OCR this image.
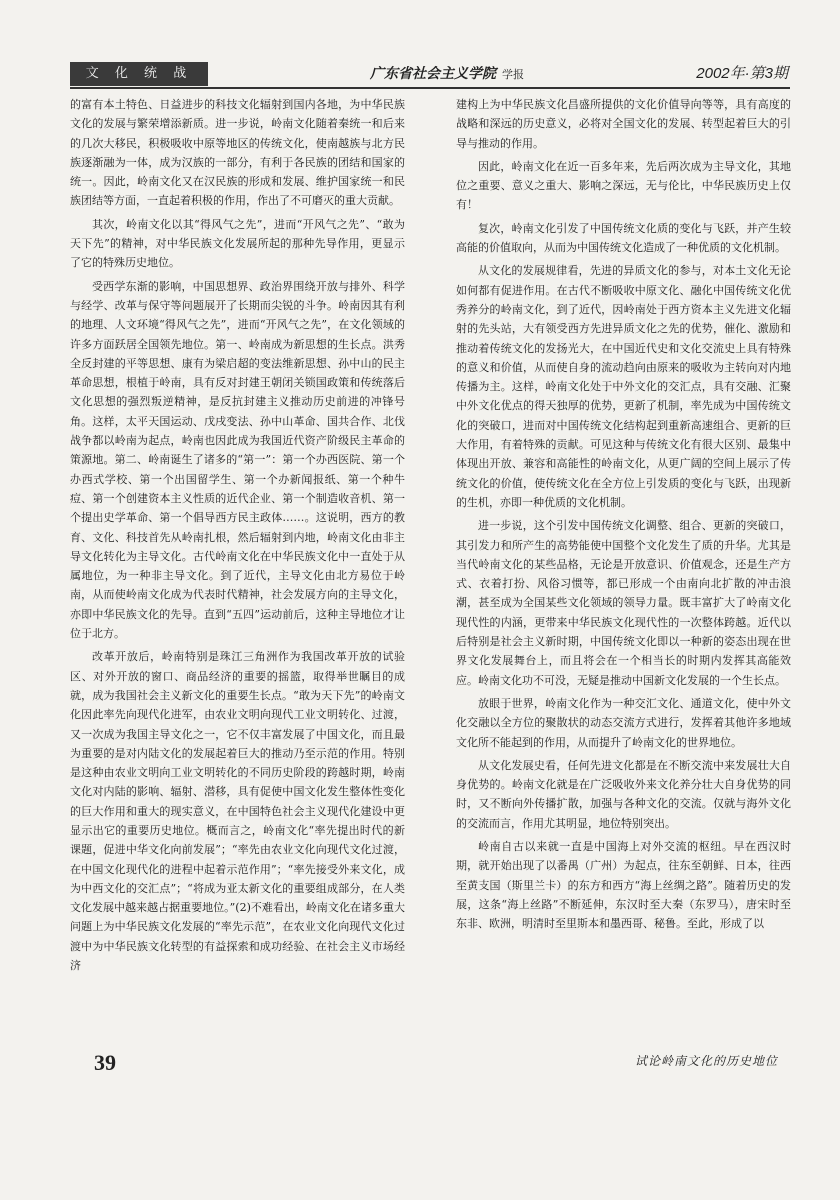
文 化 统 战	广东省社会主义学院 学报	2002年·第3期

的富有本土特色、日益进步的科技文化辐射到国内各地，为中华民族文化的发展与繁荣增添新质。进一步说，岭南文化随着秦统一和后来的几次大移民，积极吸收中原等地区的传统文化，使南越族与北方民族逐渐融为一体，成为汉族的一部分，有利于各民族的团结和国家的统一。因此，岭南文化又在汉民族的形成和发展、维护国家统一和民族团结等方面，一直起着积极的作用，作出了不可磨灭的重大贡献。

其次，岭南文化以其“得风气之先”，进而“开风气之先”、“敢为天下先”的精神，对中华民族文化发展所起的那种先导作用，更显示了它的特殊历史地位。

受西学东渐的影响，中国思想界、政治界围绕开放与排外、科学与经学、改革与保守等问题展开了长期而尖锐的斗争。岭南因其有利的地理、人文环境“得风气之先”，进而“开风气之先”，在文化领域的许多方面跃居全国领先地位。第一、岭南成为新思想的生长点。洪秀全反封建的平等思想、康有为梁启超的变法维新思想、孙中山的民主革命思想，根植于岭南，具有反对封建王朝闭关锁国政策和传统落后文化思想的强烈叛逆精神，是反抗封建主义推动历史前进的冲锋号角。这样，太平天国运动、戊戌变法、孙中山革命、国共合作、北伐战争都以岭南为起点，岭南也因此成为我国近代资产阶级民主革命的策源地。第二、岭南诞生了诸多的“第一”：第一个办西医院、第一个办西式学校、第一个出国留学生、第一个办新闻报纸、第一个种牛痘、第一个创建资本主义性质的近代企业、第一个制造收音机、第一个提出史学革命、第一个倡导西方民主政体……。这说明，西方的教育、文化、科技首先从岭南扎根，然后辐射到内地，岭南文化由非主导文化转化为主导文化。古代岭南文化在中华民族文化中一直处于从属地位，为一种非主导文化。到了近代，主导文化由北方易位于岭南，从而使岭南文化成为代表时代精神，社会发展方向的主导文化，亦即中华民族文化的先导。直到“五四”运动前后，这种主导地位才让位于北方。

改革开放后，岭南特别是珠江三角洲作为我国改革开放的试验区、对外开放的窗口、商品经济的重要的摇篮，取得举世瞩目的成就，成为我国社会主义新文化的重要生长点。“敢为天下先”的岭南文化因此率先向现代化进军，由农业文明向现代工业文明转化、过渡，又一次成为我国主导文化之一，它不仅丰富发展了中国文化，而且最为重要的是对内陆文化的发展起着巨大的推动乃至示范的作用。特别是这种由农业文明向工业文明转化的不同历史阶段的跨越时期，岭南文化对内陆的影响、辐射、潜移，具有促使中国文化发生整体性变化的巨大作用和重大的现实意义，在中国特色社会主义现代化建设中更显示出它的重要历史地位。概而言之，岭南文化“率先提出时代的新课题，促进中华文化向前发展”；“率先由农业文化向现代文化过渡，在中国文化现代化的进程中起着示范作用”；“率先接受外来文化，成为中西文化的交汇点”；“将成为亚太新文化的重要组成部分，在人类文化发展中越来越占据重要地位。”(2)不难看出，岭南文化在诸多重大问题上为中华民族文化发展的“率先示范”，在农业文化向现代文化过渡中为中华民族文化转型的有益探索和成功经验、在社会主义市场经济

建构上为中华民族文化昌盛所提供的文化价值导向等等，具有高度的战略和深远的历史意义，必将对全国文化的发展、转型起着巨大的引导与推动的作用。

因此，岭南文化在近一百多年来，先后两次成为主导文化，其地位之重要、意义之重大、影响之深远，无与伦比，中华民族历史上仅有！

复次，岭南文化引发了中国传统文化质的变化与飞跃，并产生较高能的价值取向，从而为中国传统文化造成了一种优质的文化机制。

从文化的发展规律看，先进的异质文化的参与，对本土文化无论如何都有促进作用。在古代不断吸收中原文化、融化中国传统文化优秀养分的岭南文化，到了近代，因岭南处于西方资本主义先进文化辐射的先头站，大有领受西方先进异质文化之先的优势，催化、激励和推动着传统文化的发扬光大，在中国近代史和文化交流史上具有特殊的意义和价值，从而使自身的流动趋向由原来的吸收为主转向对内地传播为主。这样，岭南文化处于中外文化的交汇点，具有交融、汇聚中外文化优点的得天独厚的优势，更新了机制，率先成为中国传统文化的突破口，进而对中国传统文化结构起到重新高速组合、更新的巨大作用，有着特殊的贡献。可见这种与传统文化有很大区别、最集中体现出开放、兼容和高能性的岭南文化，从更广阔的空间上展示了传统文化的价值，使传统文化在全方位上引发质的变化与飞跃，出现新的生机，亦即一种优质的文化机制。

进一步说，这个引发中国传统文化调整、组合、更新的突破口，其引发力和所产生的高势能使中国整个文化发生了质的升华。尤其是当代岭南文化的某些品格，无论是开放意识、价值观念，还是生产方式、衣着打扮、风俗习惯等，都已形成一个由南向北扩散的冲击浪潮，甚至成为全国某些文化领域的领导力量。既丰富扩大了岭南文化现代性的内涵，更带来中华民族文化现代性的一次整体跨越。近代以后特别是社会主义新时期，中国传统文化即以一种新的姿态出现在世界文化发展舞台上，而且将会在一个相当长的时期内发挥其高能效应。岭南文化功不可没，无疑是推动中国新文化发展的一个生长点。

放眼于世界，岭南文化作为一种交汇文化、通道文化，使中外文化交融以全方位的聚散状的动态交流方式进行，发挥着其他许多地域文化所不能起到的作用，从而提升了岭南文化的世界地位。

从文化发展史看，任何先进文化都是在不断交流中来发展壮大自身优势的。岭南文化就是在广泛吸收外来文化养分壮大自身优势的同时，又不断向外传播扩散，加强与各种文化的交流。仅就与海外文化的交流而言，作用尤其明显，地位特别突出。

岭南自古以来就一直是中国海上对外交流的枢纽。早在西汉时期，就开始出现了以番禺（广州）为起点，往东至朝鲜、日本，往西至黄支国（斯里兰卡）的东方和西方“海上丝绸之路”。随着历史的发展，这条“海上丝路”不断延伸，东汉时至大秦（东罗马），唐宋时至东非、欧洲，明清时至里斯本和墨西哥、秘鲁。至此，形成了以

39	试论岭南文化的历史地位
